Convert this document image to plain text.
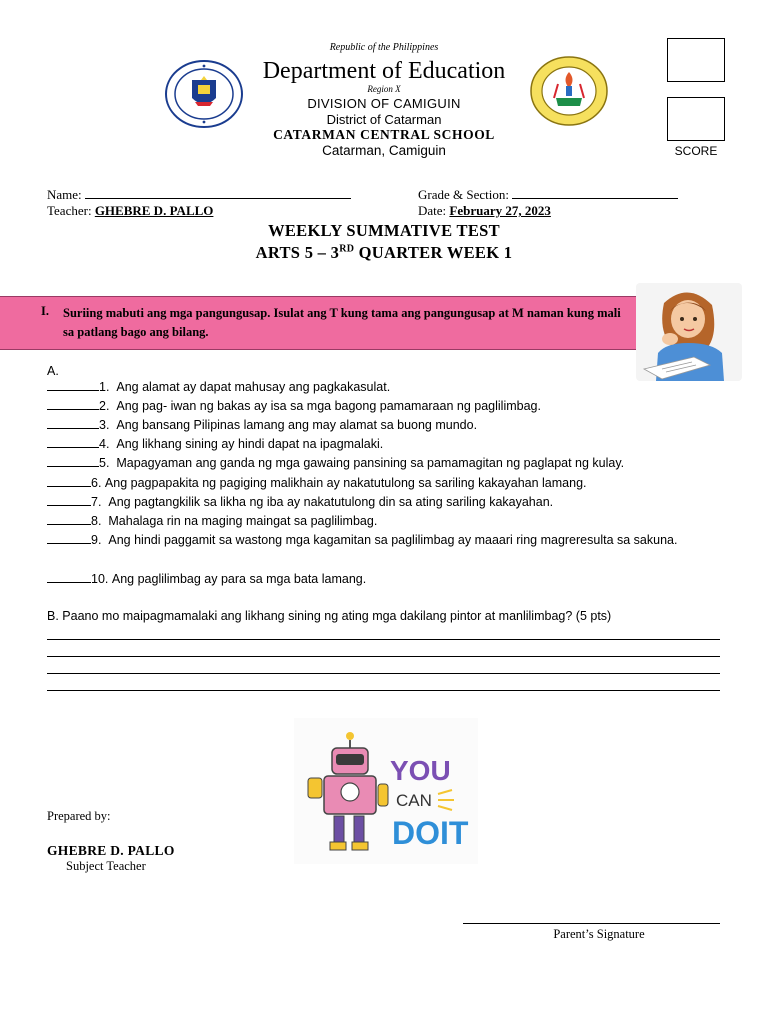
Republic of the Philippines
Department of Education
Region X
DIVISION OF CAMIGUIN
District of Catarman
CATARMAN CENTRAL SCHOOL
Catarman, Camiguin	SCORE
Name:
Teacher: GHEBRE D. PALLO
Grade & Section:
Date: February 27, 2023
WEEKLY SUMMATIVE TEST
ARTS 5 – 3RD QUARTER WEEK 1
I. Suriing mabuti ang mga pangungusap. Isulat ang T kung tama ang pangungusap at M naman kung mali sa patlang bago ang bilang.
A.
1. Ang alamat ay dapat mahusay ang pagkakasulat.
2. Ang pag- iwan ng bakas ay isa sa mga bagong pamamaraan ng paglilimbag.
3. Ang bansang Pilipinas lamang ang may alamat sa buong mundo.
4. Ang likhang sining ay hindi dapat na ipagmalaki.
5. Mapagyaman ang ganda ng mga gawaing pansining sa pamamagitan ng paglapat ng kulay.
6. Ang pagpapakita ng pagiging malikhain ay nakatutulong sa sariling kakayahan lamang.
7. Ang pagtangkilik sa likha ng iba ay nakatutulong din sa ating sariling kakayahan.
8. Mahalaga rin na maging maingat sa paglilimbag.
9. Ang hindi paggamit sa wastong mga kagamitan sa paglilimbag ay maaari ring magreresulta sa sakuna.
10. Ang paglilimbag ay para sa mga bata lamang.
B. Paano mo maipagmamalaki ang likhang sining ng ating mga dakilang pintor at manlilimbag? (5 pts)
YOU
CAN
DOIT
Prepared by:
GHEBRE D. PALLO
Subject Teacher
Parent’s Signature
